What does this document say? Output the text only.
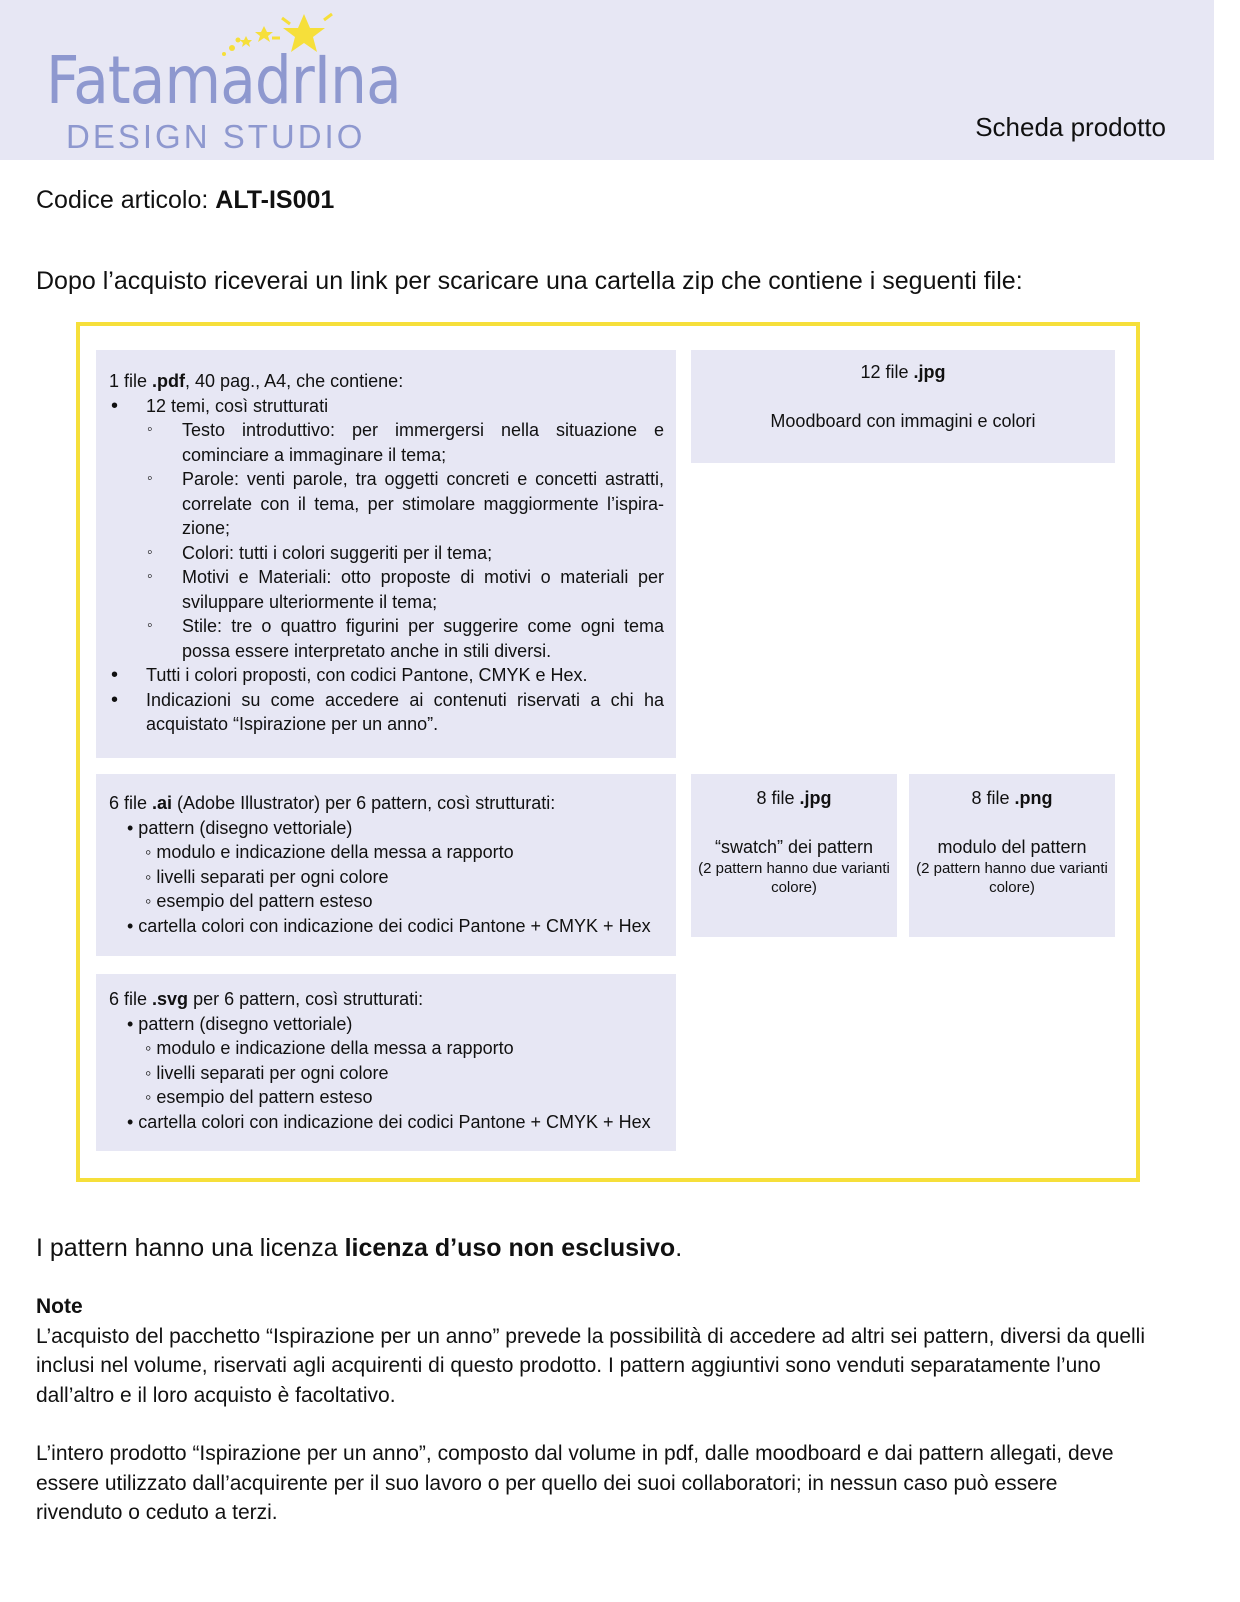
FatamadrIna
DESIGN STUDIO	Scheda prodotto
Codice articolo: ALT-IS001
Dopo l’acquisto riceverai un link per scaricare una cartella zip che contiene i seguenti file:
1 file .pdf, 40 pag., A4, che contiene:
• 12 temi, così strutturati
◦ Testo introduttivo: per immergersi nella situazione e cominciare a immaginare il tema;
◦ Parole: venti parole, tra oggetti concreti e concetti astratti, correlate con il tema, per stimolare maggiormente l’ispira-zione;
◦ Colori: tutti i colori suggeriti per il tema;
◦ Motivi e Materiali: otto proposte di motivi o materiali per sviluppare ulteriormente il tema;
◦ Stile: tre o quattro figurini per suggerire come ogni tema possa essere interpretato anche in stili diversi.
• Tutti i colori proposti, con codici Pantone, CMYK e Hex.
• Indicazioni su come accedere ai contenuti riservati a chi ha acquistato “Ispirazione per un anno”.
12 file .jpg
Moodboard con immagini e colori
6 file .ai (Adobe Illustrator) per 6 pattern, così strutturati:
• pattern (disegno vettoriale)
◦ modulo e indicazione della messa a rapporto
◦ livelli separati per ogni colore
◦ esempio del pattern esteso
• cartella colori con indicazione dei codici Pantone + CMYK + Hex
6 file .svg per 6 pattern, così strutturati:
• pattern (disegno vettoriale)
◦ modulo e indicazione della messa a rapporto
◦ livelli separati per ogni colore
◦ esempio del pattern esteso
• cartella colori con indicazione dei codici Pantone + CMYK + Hex
8 file .jpg
“swatch” dei pattern
(2 pattern hanno due varianti colore)
8 file .png
modulo del pattern
(2 pattern hanno due varianti colore)
I pattern hanno una licenza licenza d’uso non esclusivo.
Note

L’acquisto del pacchetto “Ispirazione per un anno” prevede la possibilità di accedere ad altri sei pattern, diversi da quelli inclusi nel volume, riservati agli acquirenti di questo prodotto. I pattern aggiuntivi sono venduti separatamente l’uno dall’altro e il loro acquisto è facoltativo.

L’intero prodotto “Ispirazione per un anno”, composto dal volume in pdf, dalle moodboard e dai pattern allegati, deve essere utilizzato dall’acquirente per il suo lavoro o per quello dei suoi collaboratori; in nessun caso può essere rivenduto o ceduto a terzi.
